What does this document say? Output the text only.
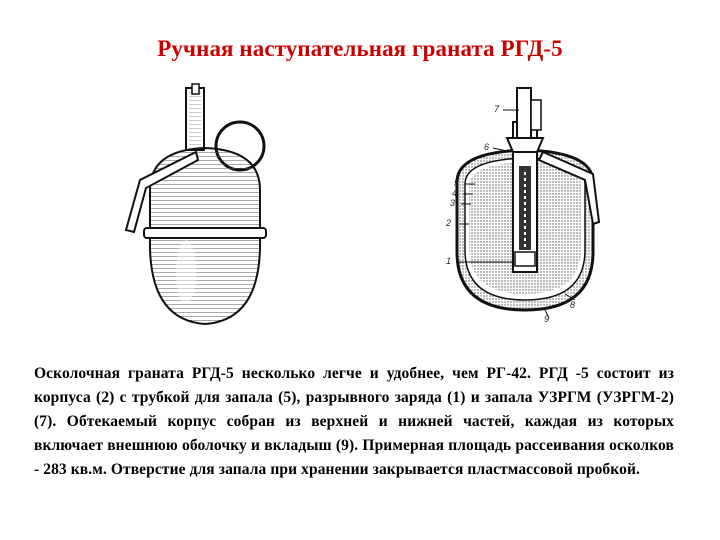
Ручная наступательная граната РГД-5
7
6
5
4
3
2
1
8
9
Осколочная граната РГД-5 несколько легче и удобнее, чем РГ-42. РГД -5 состоит из корпуса (2) с трубкой для запала (5), разрывного заряда (1) и запала УЗРГМ (УЗРГМ-2) (7). Обтекаемый корпус собран из верхней и нижней частей, каждая из которых включает внешнюю оболочку и вкладыш (9). Примерная площадь рассеивания осколков - 283 кв.м. Отверстие для запала при хранении закрывается пластмассовой пробкой.
